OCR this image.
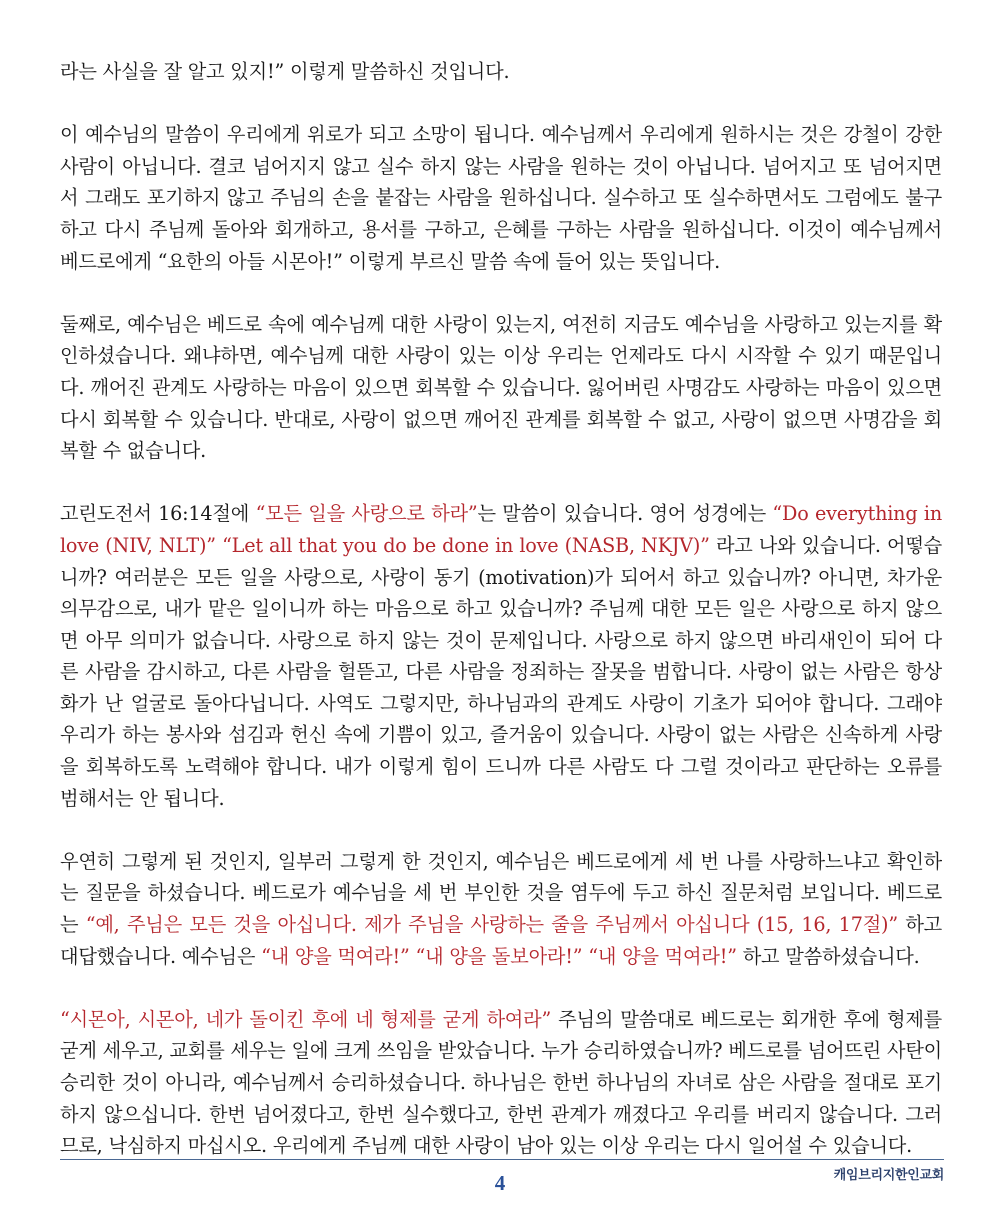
라는 사실을 잘 알고 있지!” 이렇게 말씀하신 것입니다.

이 예수님의 말씀이 우리에게 위로가 되고 소망이 됩니다. 예수님께서 우리에게 원하시는 것은 강철이 강한 사람이 아닙니다. 결코 넘어지지 않고 실수 하지 않는 사람을 원하는 것이 아닙니다. 넘어지고 또 넘어지면서 그래도 포기하지 않고 주님의 손을 붙잡는 사람을 원하십니다. 실수하고 또 실수하면서도 그럼에도 불구하고 다시 주님께 돌아와 회개하고, 용서를 구하고, 은혜를 구하는 사람을 원하십니다. 이것이 예수님께서 베드로에게 “요한의 아들 시몬아!” 이렇게 부르신 말씀 속에 들어 있는 뜻입니다.

둘째로, 예수님은 베드로 속에 예수님께 대한 사랑이 있는지, 여전히 지금도 예수님을 사랑하고 있는지를 확인하셨습니다. 왜냐하면, 예수님께 대한 사랑이 있는 이상 우리는 언제라도 다시 시작할 수 있기 때문입니다. 깨어진 관계도 사랑하는 마음이 있으면 회복할 수 있습니다. 잃어버린 사명감도 사랑하는 마음이 있으면 다시 회복할 수 있습니다. 반대로, 사랑이 없으면 깨어진 관계를 회복할 수 없고, 사랑이 없으면 사명감을 회복할 수 없습니다.

고린도전서 16:14절에 “모든 일을 사랑으로 하라”는 말씀이 있습니다. 영어 성경에는 “Do everything in love (NIV, NLT)” “Let all that you do be done in love (NASB, NKJV)” 라고 나와 있습니다. 어떻습니까? 여러분은 모든 일을 사랑으로, 사랑이 동기 (motivation)가 되어서 하고 있습니까? 아니면, 차가운 의무감으로, 내가 맡은 일이니까 하는 마음으로 하고 있습니까? 주님께 대한 모든 일은 사랑으로 하지 않으면 아무 의미가 없습니다. 사랑으로 하지 않는 것이 문제입니다. 사랑으로 하지 않으면 바리새인이 되어 다른 사람을 감시하고, 다른 사람을 헐뜯고, 다른 사람을 정죄하는 잘못을 범합니다. 사랑이 없는 사람은 항상 화가 난 얼굴로 돌아다닙니다. 사역도 그렇지만, 하나님과의 관계도 사랑이 기초가 되어야 합니다. 그래야 우리가 하는 봉사와 섬김과 헌신 속에 기쁨이 있고, 즐거움이 있습니다. 사랑이 없는 사람은 신속하게 사랑을 회복하도록 노력해야 합니다. 내가 이렇게 힘이 드니까 다른 사람도 다 그럴 것이라고 판단하는 오류를 범해서는 안 됩니다.

우연히 그렇게 된 것인지, 일부러 그렇게 한 것인지, 예수님은 베드로에게 세 번 나를 사랑하느냐고 확인하는 질문을 하셨습니다. 베드로가 예수님을 세 번 부인한 것을 염두에 두고 하신 질문처럼 보입니다. 베드로는 “예, 주님은 모든 것을 아십니다. 제가 주님을 사랑하는 줄을 주님께서 아십니다 (15, 16, 17절)” 하고 대답했습니다. 예수님은 “내 양을 먹여라!” “내 양을 돌보아라!” “내 양을 먹여라!” 하고 말씀하셨습니다.

“시몬아, 시몬아, 네가 돌이킨 후에 네 형제를 굳게 하여라” 주님의 말씀대로 베드로는 회개한 후에 형제를 굳게 세우고, 교회를 세우는 일에 크게 쓰임을 받았습니다. 누가 승리하였습니까? 베드로를 넘어뜨린 사탄이 승리한 것이 아니라, 예수님께서 승리하셨습니다. 하나님은 한번 하나님의 자녀로 삼은 사람을 절대로 포기하지 않으십니다. 한번 넘어졌다고, 한번 실수했다고, 한번 관계가 깨졌다고 우리를 버리지 않습니다. 그러므로, 낙심하지 마십시오. 우리에게 주님께 대한 사랑이 남아 있는 이상 우리는 다시 일어설 수 있습니다.

4	캐임브리지한인교회
